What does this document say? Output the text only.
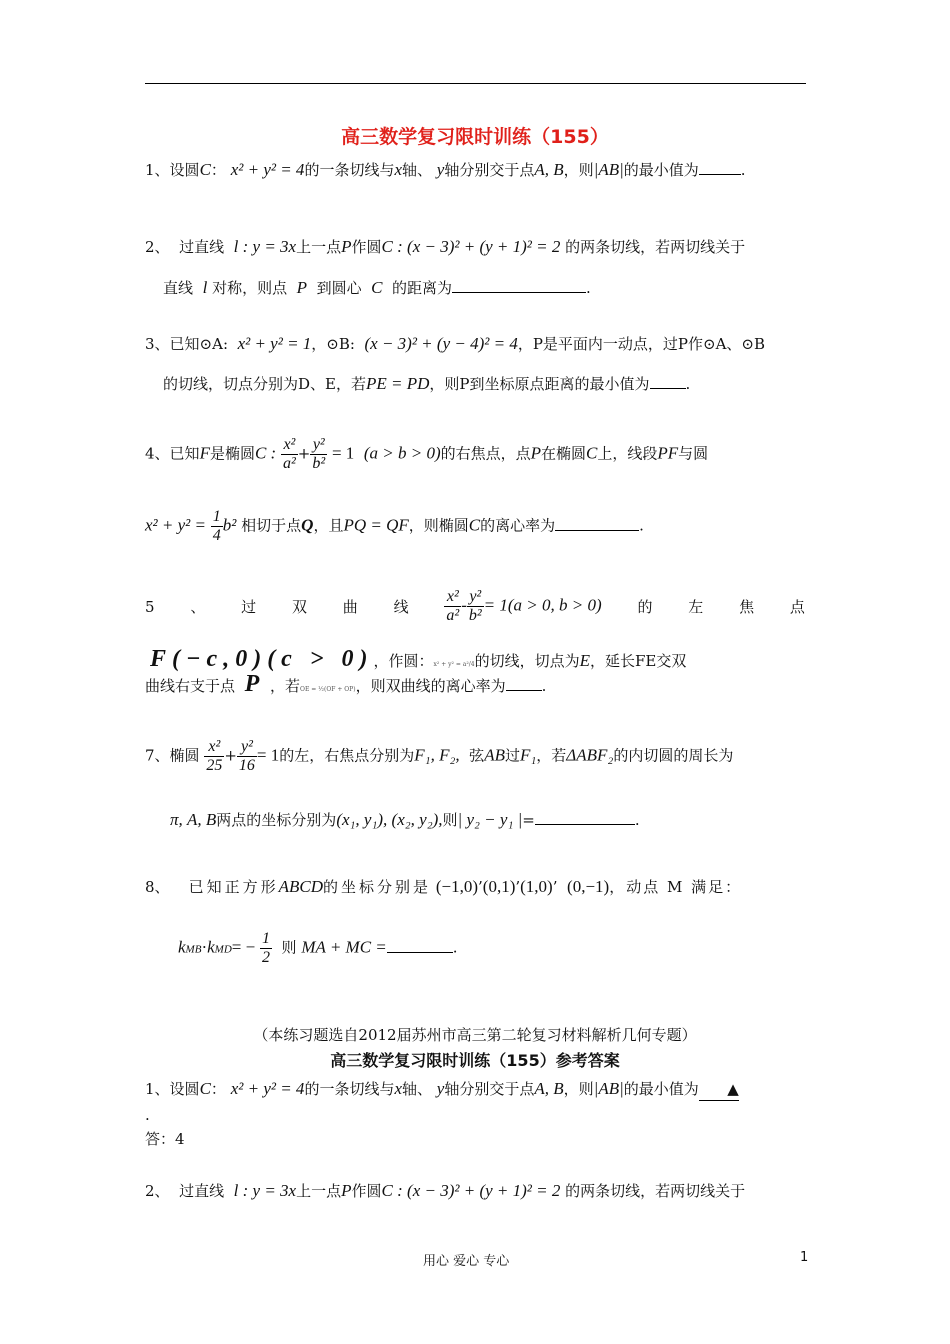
高三数学复习限时训练（155）
1、设圆C： x² + y² = 4的一条切线与x轴、 y轴分别交于点A, B，则|AB|的最小值为	.
2、 过直线 l : y = 3x上一点P作圆C : (x − 3)² + (y + 1)² = 2 的两条切线，若两切线关于
直线 l 对称，则点 P 到圆心 C 的距离为	.
3、已知⊙A: x² + y² = 1，⊙B: (x − 3)² + (y − 4)² = 4，P是平面内一动点，过P作⊙A、⊙B
的切线，切点分别为D、E，若PE = PD，则P到坐标原点距离的最小值为 .
4、已知F是椭圆C : $\frac{\text{x²}}{\text{a²}} + \frac{\text{y²}}{\text{b²}} = 1$ (a > b > 0)的右焦点，点P在椭圆C上，线段PF与圆
$x^2 + y^2 = \frac{1}{4} b^2$ 相切于点Q，且PQ = QF，则椭圆C的离心率为	.
5 、 过 双 曲 线 $\frac{\text{x²}}{\text{a²}} - \frac{\text{y²}}{\text{b²}} = 1(a > 0$, b > 0) 的 左 焦 点
F(−c,0)(c > 0)，作圆：x² + y² = a²/4的切线，切点为E，延长FE交双
曲线右支于点 P ，若OE = ½(OF + OP)，则双曲线的离心率为 .
7、椭圆 $\frac{\text{x²}}{25} + \frac{\text{y²}}{16} = 1$的左，右焦点分别为F₁, F₂, 弦AB过F₁，若ΔABF₂的内切圆的周长为
π, A, B两点的坐标分别为(x₁, y₁), (x₂, y₂),则| y₂ − y₁ |=	.
8、 已知正方形ABCD的坐标分别是 (−1,0)’(0,1)’(1,0)’ (0,−1)，动点 M 满足：
$kMB\cdot kMD= - \frac{1}{2}$ 则 MA + MC =	.
（本练习题选自2012届苏州市高三第二轮复习材料解析几何专题）
高三数学复习限时训练（155）参考答案
1、设圆C： x² + y² = 4的一条切线与x轴、 y轴分别交于点A, B，则|AB|的最小值为 ▲
.
答：4
2、 过直线 l : y = 3x上一点P作圆C : (x − 3)² + (y + 1)² = 2 的两条切线，若两切线关于
用心 爱心 专心	1
